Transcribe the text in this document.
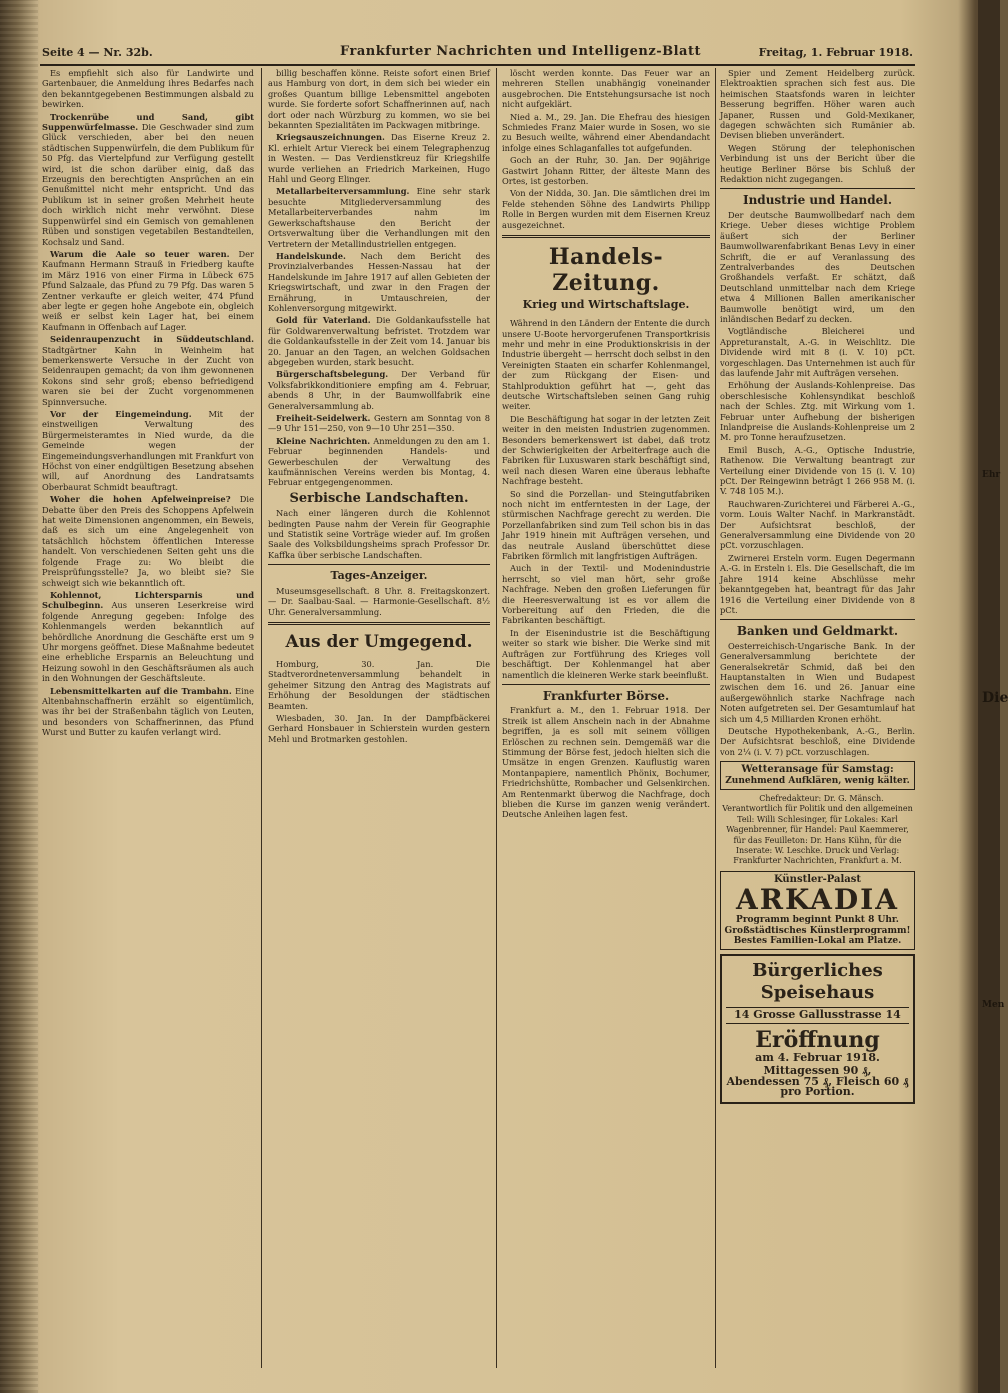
Seite 4 — Nr. 32b.	Frankfurter Nachrichten und Intelligenz-Blatt	Freitag, 1. Februar 1918.

Es empfiehlt sich also für Landwirte und Gartenbauer, die Anmeldung ihres Bedarfes nach den bekanntgegebenen Bestimmungen alsbald zu bewirken.

Trockenrübe und Sand, gibt Suppenwürfelmasse. Die Geschwader sind zum Glück verschieden, aber bei den neuen städtischen Suppenwürfeln, die dem Publikum für 50 Pfg. das Viertelpfund zur Verfügung gestellt wird, ist die schon darüber einig, daß das Erzeugnis den berechtigten Ansprüchen an ein Genußmittel nicht mehr entspricht. Und das Publikum ist in seiner großen Mehrheit heute doch wirklich nicht mehr verwöhnt. Diese Suppenwürfel sind ein Gemisch von gemahlenen Rüben und sonstigen vegetabilen Bestandteilen, Kochsalz und Sand.

Warum die Aale so teuer waren. Der Kaufmann Hermann Strauß in Friedberg kaufte im März 1916 von einer Firma in Lübeck 675 Pfund Salzaale, das Pfund zu 79 Pfg. Das waren 5 Zentner verkaufte er gleich weiter, 474 Pfund aber legte er gegen hohe Angebote ein, obgleich weiß er selbst kein Lager hat, bei einem Kaufmann in Offenbach auf Lager.

Seidenraupenzucht in Süddeutschland. Stadtgärtner Kahn in Weinheim hat bemerkenswerte Versuche in der Zucht von Seidenraupen gemacht; da von ihm gewonnenen Kokons sind sehr groß; ebenso befriedigend waren sie bei der Zucht vorgenommenen Spinnversuche.

Vor der Eingemeindung. Mit der einstweiligen Verwaltung des Bürgermeisteramtes in Nied wurde, da die Gemeinde wegen der Eingemeindungsverhandlungen mit Frankfurt von Höchst von einer endgültigen Besetzung absehen will, auf Anordnung des Landratsamts Oberbaurat Schmidt beauftragt.

Woher die hohen Apfelweinpreise? Die Debatte über den Preis des Schoppens Apfelwein hat weite Dimensionen angenommen, ein Beweis, daß es sich um eine Angelegenheit von tatsächlich höchstem öffentlichen Interesse handelt. Von verschiedenen Seiten geht uns die folgende Frage zu: Wo bleibt die Preisprüfungsstelle? Ja, wo bleibt sie? Sie schweigt sich wie bekanntlich oft.

Kohlennot, Lichtersparnis und Schulbeginn. Aus unseren Leserkreise wird folgende Anregung gegeben: Infolge des Kohlenmangels werden bekanntlich auf behördliche Anordnung die Geschäfte erst um 9 Uhr morgens geöffnet. Diese Maßnahme bedeutet eine erhebliche Ersparnis an Beleuchtung und Heizung sowohl in den Geschäftsräumen als auch in den Wohnungen der Geschäftsleute.

Lebensmittelkarten auf die Trambahn. Eine Altenbahnschaffnerin erzählt so eigentümlich, was ihr bei der Straßenbahn täglich von Leuten, und besonders von Schaffnerinnen, das Pfund Wurst und Butter zu kaufen verlangt wird.

billig beschaffen könne. Reiste sofort einen Brief aus Hamburg von dort, in dem sich bei wieder ein großes Quantum billige Lebensmittel angeboten wurde. Sie forderte sofort Schaffnerinnen auf, nach dort oder nach Würzburg zu kommen, wo sie bei bekannten Spezialitäten im Packwagen mitbringe.

Kriegsauszeichnungen. Das Eiserne Kreuz 2. Kl. erhielt Artur Viereck bei einem Telegraphenzug in Westen. — Das Verdienstkreuz für Kriegshilfe wurde verliehen an Friedrich Markeinen, Hugo Hahl und Georg Elinger.

Metallarbeiterversammlung. Eine sehr stark besuchte Mitgliederversammlung des Metallarbeiterverbandes nahm im Gewerkschaftshause den Bericht der Ortsverwaltung über die Verhandlungen mit den Vertretern der Metallindustriellen entgegen.

Handelskunde. Nach dem Bericht des Provinzialverbandes Hessen-Nassau hat der Handelskunde im Jahre 1917 auf allen Gebieten der Kriegswirtschaft, und zwar in den Fragen der Ernährung, in Umtauschreien, der Kohlenversorgung mitgewirkt.

Gold für Vaterland. Die Goldankaufsstelle hat für Goldwarenverwaltung befristet. Trotzdem war die Goldankaufsstelle in der Zeit vom 14. Januar bis 20. Januar an den Tagen, an welchen Goldsachen abgegeben wurden, stark besucht.

Bürgerschaftsbelegung. Der Verband für Volksfabrikkonditioniere empfing am 4. Februar, abends 8 Uhr, in der Baumwollfabrik eine Generalversammlung ab.

Freiheit-Seidelwerk. Gestern am Sonntag von 8—9 Uhr 151—250, von 9—10 Uhr 251—350.

Kleine Nachrichten. Anmeldungen zu den am 1. Februar beginnenden Handels- und Gewerbeschulen der Verwaltung des kaufmännischen Vereins werden bis Montag, 4. Februar entgegengenommen.

Serbische Landschaften.

Nach einer längeren durch die Kohlennot bedingten Pause nahm der Verein für Geographie und Statistik seine Vorträge wieder auf. Im großen Saale des Volksbildungsheims sprach Professor Dr. Kaffka über serbische Landschaften.

Tages-Anzeiger.

Museumsgesellschaft. 8 Uhr. 8. Freitagskonzert. — Dr. Saalbau-Saal. — Harmonie-Gesellschaft. 8½ Uhr. Generalversammlung.

Aus der Umgegend.

Homburg, 30. Jan. Die Stadtverordnetenversammlung behandelt in geheimer Sitzung den Antrag des Magistrats auf Erhöhung der Besoldungen der städtischen Beamten.

Wiesbaden, 30. Jan. In der Dampfbäckerei Gerhard Honsbauer in Schierstein wurden gestern Mehl und Brotmarken gestohlen.

löscht werden konnte. Das Feuer war an mehreren Stellen unabhängig voneinander ausgebrochen. Die Entstehungsursache ist noch nicht aufgeklärt.

Nied a. M., 29. Jan. Die Ehefrau des hiesigen Schmiedes Franz Maier wurde in Sosen, wo sie zu Besuch weilte, während einer Abendandacht infolge eines Schlaganfalles tot aufgefunden.

Goch an der Ruhr, 30. Jan. Der 90jährige Gastwirt Johann Ritter, der älteste Mann des Ortes, ist gestorben.

Von der Nidda, 30. Jan. Die sämtlichen drei im Felde stehenden Söhne des Landwirts Philipp Rolle in Bergen wurden mit dem Eisernen Kreuz ausgezeichnet.

Handels-Zeitung.
Krieg und Wirtschaftslage.

Während in den Ländern der Entente die durch unsere U-Boote hervorgerufenen Transportkrisis mehr und mehr in eine Produktionskrisis in der Industrie übergeht — herrscht doch selbst in den Vereinigten Staaten ein scharfer Kohlenmangel, der zum Rückgang der Eisen- und Stahlproduktion geführt hat —, geht das deutsche Wirtschaftsleben seinen Gang ruhig weiter.

Die Beschäftigung hat sogar in der letzten Zeit weiter in den meisten Industrien zugenommen. Besonders bemerkenswert ist dabei, daß trotz der Schwierigkeiten der Arbeiterfrage auch die Fabriken für Luxuswaren stark beschäftigt sind, weil nach diesen Waren eine überaus lebhafte Nachfrage besteht.

So sind die Porzellan- und Steingutfabriken noch nicht im entferntesten in der Lage, der stürmischen Nachfrage gerecht zu werden. Die Porzellanfabriken sind zum Teil schon bis in das Jahr 1919 hinein mit Aufträgen versehen, und das neutrale Ausland überschüttet diese Fabriken förmlich mit langfristigen Aufträgen.

Auch in der Textil- und Modenindustrie herrscht, so viel man hört, sehr große Nachfrage. Neben den großen Lieferungen für die Heeresverwaltung ist es vor allem die Vorbereitung auf den Frieden, die die Fabrikanten beschäftigt.

In der Eisenindustrie ist die Beschäftigung weiter so stark wie bisher. Die Werke sind mit Aufträgen zur Fortführung des Krieges voll beschäftigt. Der Kohlenmangel hat aber namentlich die kleineren Werke stark beeinflußt.

Frankfurter Börse.

Frankfurt a. M., den 1. Februar 1918. Der Streik ist allem Anschein nach in der Abnahme begriffen, ja es soll mit seinem völligen Erlöschen zu rechnen sein. Demgemäß war die Stimmung der Börse fest, jedoch hielten sich die Umsätze in engen Grenzen. Kauflustig waren Montanpapiere, namentlich Phönix, Bochumer, Friedrichshütte, Rombacher und Gelsenkirchen. Am Rentenmarkt überwog die Nachfrage, doch blieben die Kurse im ganzen wenig verändert. Deutsche Anleihen lagen fest.

Spier und Zement Heidelberg zurück. Elektroaktien sprachen sich fest aus. Die heimischen Staatsfonds waren in leichter Besserung begriffen. Höher waren auch Japaner, Russen und Gold-Mexikaner, dagegen schwächten sich Rumänier ab. Devisen blieben unverändert.

Wegen Störung der telephonischen Verbindung ist uns der Bericht über die heutige Berliner Börse bis Schluß der Redaktion nicht zugegangen.

Industrie und Handel.

Der deutsche Baumwollbedarf nach dem Kriege. Ueber dieses wichtige Problem äußert sich der Berliner Baumwollwarenfabrikant Benas Levy in einer Schrift, die er auf Veranlassung des Zentralverbandes des Deutschen Großhandels verfaßt. Er schätzt, daß Deutschland unmittelbar nach dem Kriege etwa 4 Millionen Ballen amerikanischer Baumwolle benötigt wird, um den inländischen Bedarf zu decken.

Vogtländische Bleicherei und Appreturanstalt, A.-G. in Weischlitz. Die Dividende wird mit 8 (i. V. 10) pCt. vorgeschlagen. Das Unternehmen ist auch für das laufende Jahr mit Aufträgen versehen.

Erhöhung der Auslands-Kohlenpreise. Das oberschlesische Kohlensyndikat beschloß nach der Schles. Ztg. mit Wirkung vom 1. Februar unter Aufhebung der bisherigen Inlandpreise die Auslands-Kohlenpreise um 2 M. pro Tonne heraufzusetzen.

Emil Busch, A.-G., Optische Industrie, Rathenow. Die Verwaltung beantragt zur Verteilung einer Dividende von 15 (i. V. 10) pCt. Der Reingewinn beträgt 1 266 958 M. (i. V. 748 105 M.).

Rauchwaren-Zurichterei und Färberei A.-G., vorm. Louis Walter Nachf. in Markranstädt. Der Aufsichtsrat beschloß, der Generalversammlung eine Dividende von 20 pCt. vorzuschlagen.

Zwirnerei Ersteln vorm. Eugen Degermann A.-G. in Ersteln i. Els. Die Gesellschaft, die im Jahre 1914 keine Abschlüsse mehr bekanntgegeben hat, beantragt für das Jahr 1916 die Verteilung einer Dividende von 8 pCt.

Banken und Geldmarkt.

Oesterreichisch-Ungarische Bank. In der Generalversammlung berichtete der Generalsekretär Schmid, daß bei den Hauptanstalten in Wien und Budapest zwischen dem 16. und 26. Januar eine außergewöhnlich starke Nachfrage nach Noten aufgetreten sei. Der Gesamtumlauf hat sich um 4,5 Milliarden Kronen erhöht.

Deutsche Hypothekenbank, A.-G., Berlin. Der Aufsichtsrat beschloß, eine Dividende von 2¼ (i. V. 7) pCt. vorzuschlagen.

Wetteransage für Samstag:
Zunehmend Aufklären, wenig kälter.

Chefredakteur: Dr. G. Mänsch. Verantwortlich für Politik und den allgemeinen Teil: Willi Schlesinger, für Lokales: Karl Wagenbrenner, für Handel: Paul Kaemmerer, für das Feuilleton: Dr. Hans Kühn, für die Inserate: W. Leschke. Druck und Verlag: Frankfurter Nachrichten, Frankfurt a. M.

Künstler-Palast
ARKADIA
Programm beginnt Punkt 8 Uhr.
Großstädtisches Künstlerprogramm!
Bestes Familien-Lokal am Platze.
Bürgerliches Speisehaus
14 Grosse Gallusstrasse 14
Eröffnung
am 4. Februar 1918.
Mittagessen 90 ₰, Abendessen 75 ₰, Fleisch 60 ₰ pro Portion.
Ehr
Die
Men
